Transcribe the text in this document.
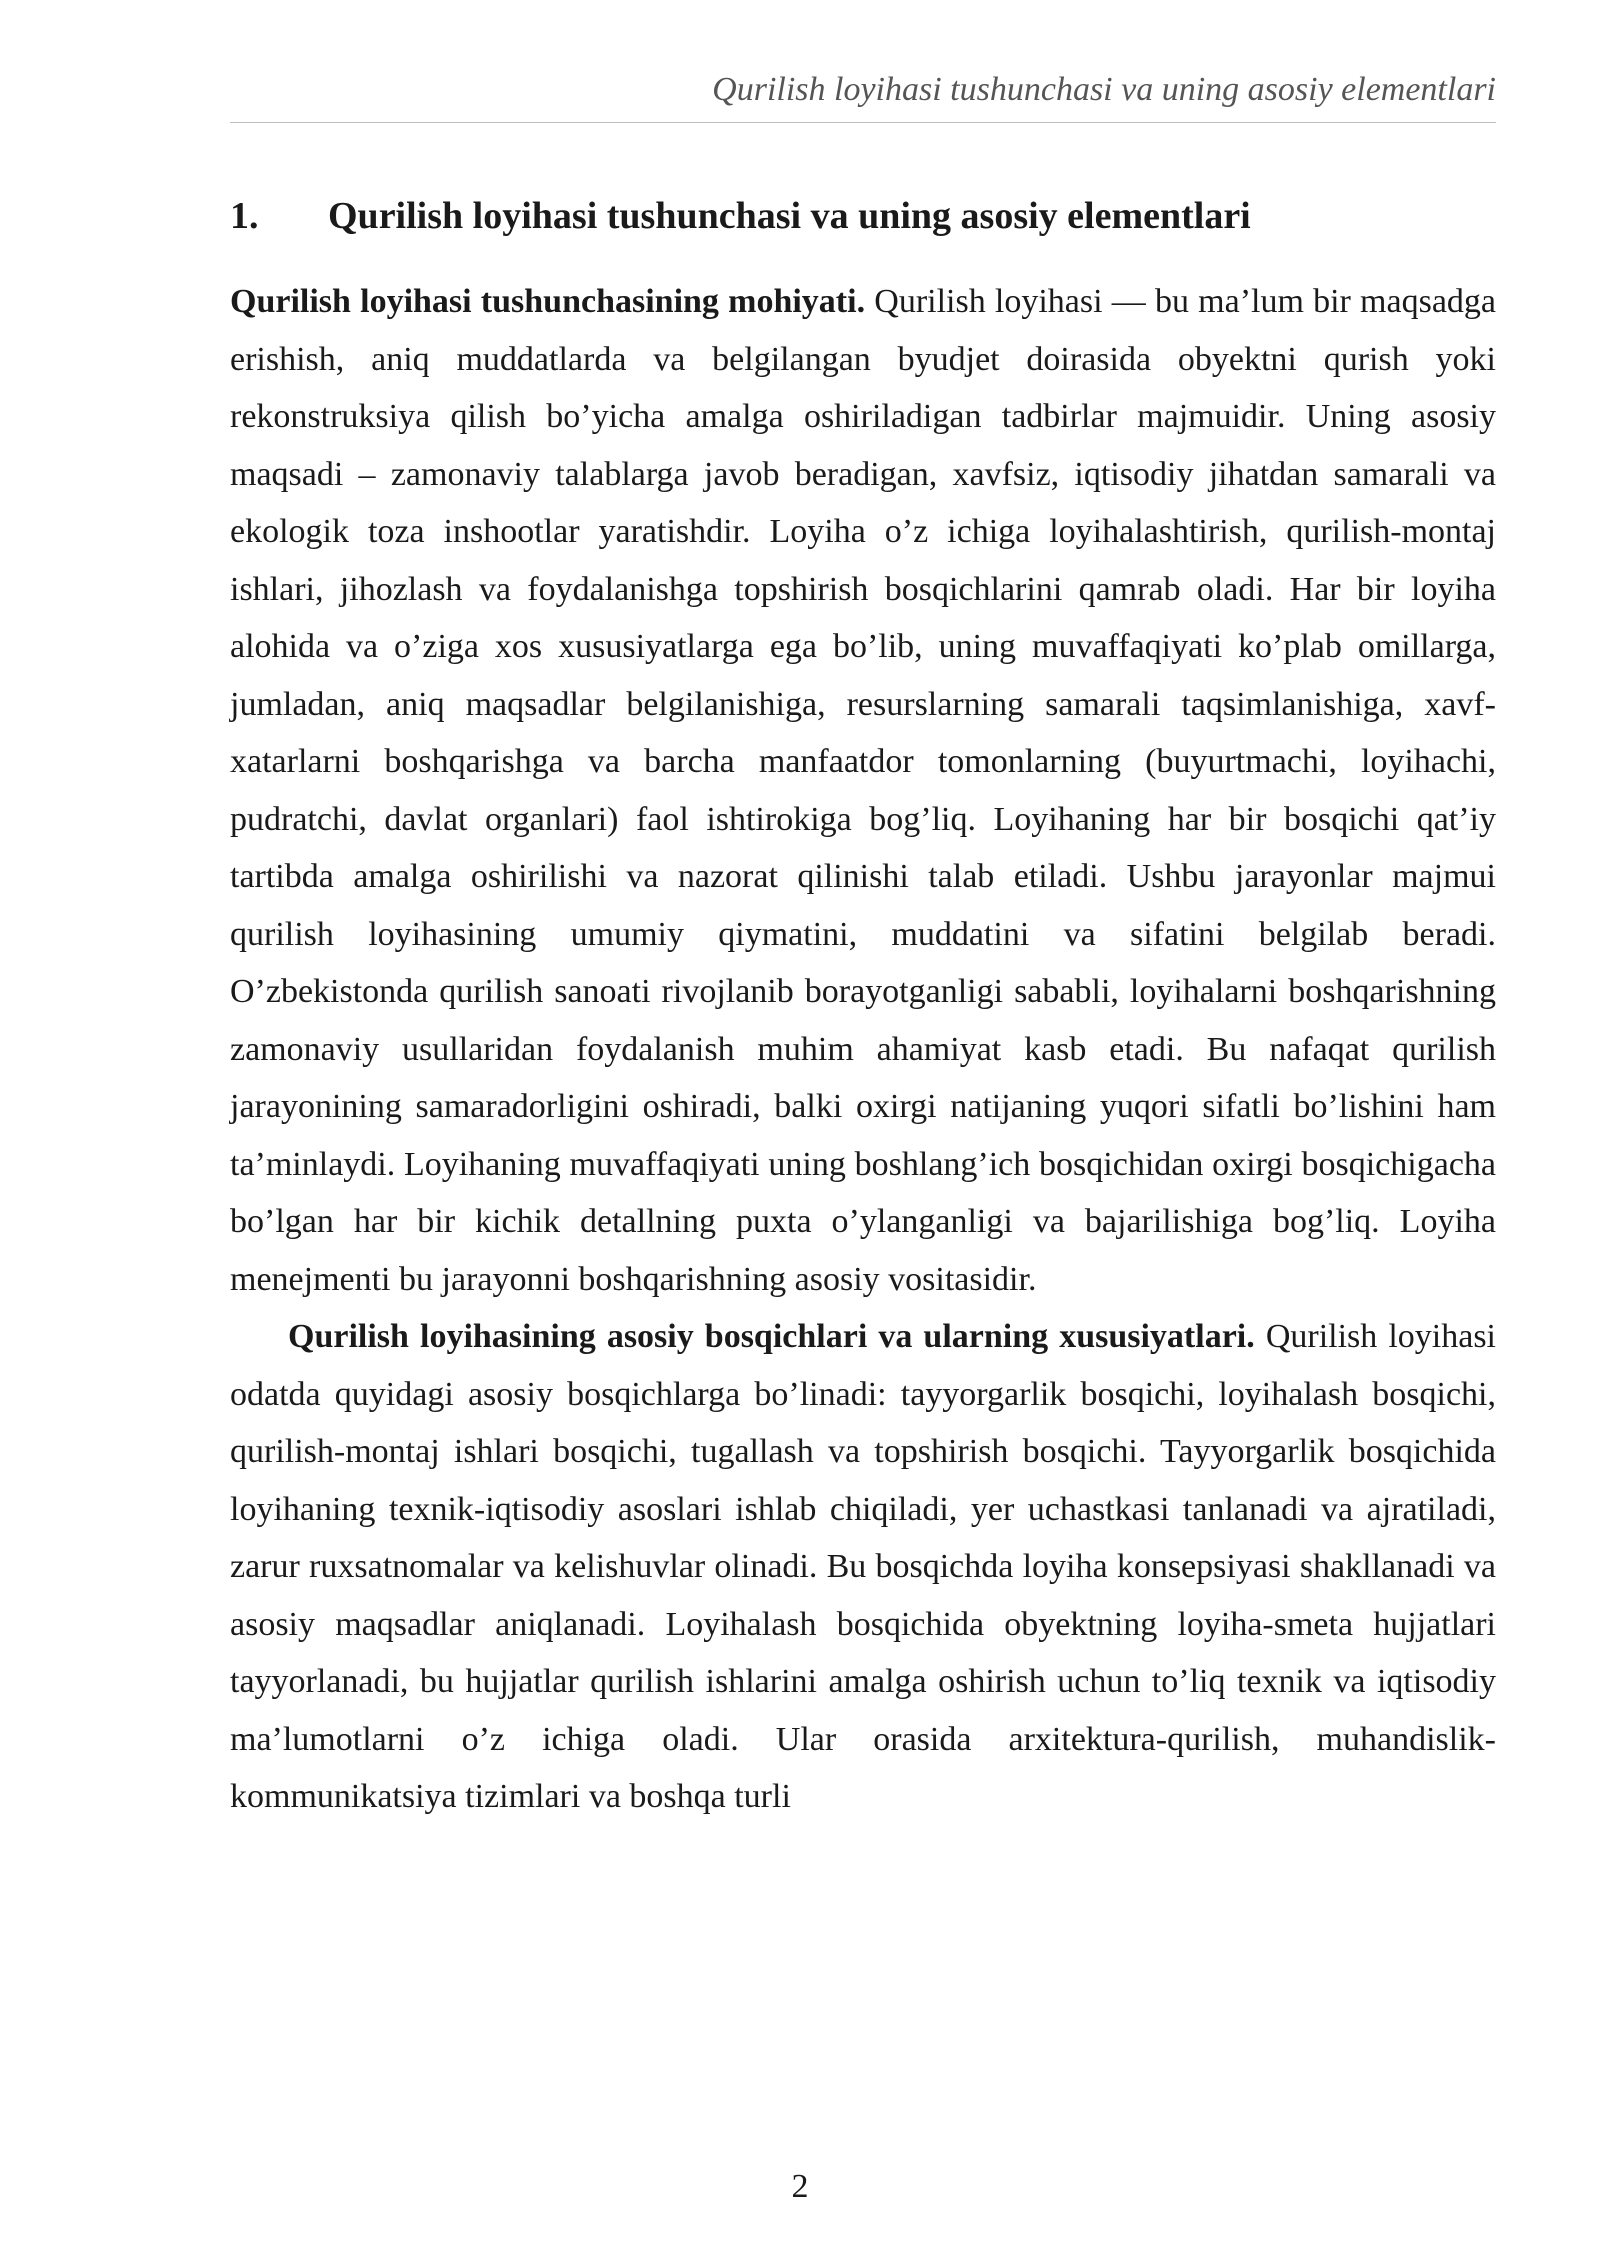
Qurilish loyihasi tushunchasi va uning asosiy elementlari
1.	Qurilish loyihasi tushunchasi va uning asosiy elementlari

Qurilish loyihasi tushunchasining mohiyati. Qurilish loyihasi — bu ma’lum bir maqsadga erishish, aniq muddatlarda va belgilangan byudjet doirasida obyektni qurish yoki rekonstruksiya qilish bo’yicha amalga oshiriladigan tadbirlar majmuidir. Uning asosiy maqsadi – zamonaviy talablarga javob beradigan, xavfsiz, iqtisodiy jihatdan samarali va ekologik toza inshootlar yaratishdir. Loyiha o’z ichiga loyihalashtirish, qurilish-montaj ishlari, jihozlash va foydalanishga topshirish bosqichlarini qamrab oladi. Har bir loyiha alohida va o’ziga xos xususiyatlarga ega bo’lib, uning muvaffaqiyati ko’plab omillarga, jumladan, aniq maqsadlar belgilanishiga, resurslarning samarali taqsimlanishiga, xavf-xatarlarni boshqarishga va barcha manfaatdor tomonlarning (buyurtmachi, loyihachi, pudratchi, davlat organlari) faol ishtirokiga bog’liq. Loyihaning har bir bosqichi qat’iy tartibda amalga oshirilishi va nazorat qilinishi talab etiladi. Ushbu jarayonlar majmui qurilish loyihasining umumiy qiymatini, muddatini va sifatini belgilab beradi. O’zbekistonda qurilish sanoati rivojlanib borayotganligi sababli, loyihalarni boshqarishning zamonaviy usullaridan foydalanish muhim ahamiyat kasb etadi. Bu nafaqat qurilish jarayonining samaradorligini oshiradi, balki oxirgi natijaning yuqori sifatli bo’lishini ham ta’minlaydi. Loyihaning muvaffaqiyati uning boshlang’ich bosqichidan oxirgi bosqichigacha bo’lgan har bir kichik detallning puxta o’ylanganligi va bajarilishiga bog’liq. Loyiha menejmenti bu jarayonni boshqarishning asosiy vositasidir.

Qurilish loyihasining asosiy bosqichlari va ularning xususiyatlari. Qurilish loyihasi odatda quyidagi asosiy bosqichlarga bo’linadi: tayyorgarlik bosqichi, loyihalash bosqichi, qurilish-montaj ishlari bosqichi, tugallash va topshirish bosqichi. Tayyorgarlik bosqichida loyihaning texnik-iqtisodiy asoslari ishlab chiqiladi, yer uchastkasi tanlanadi va ajratiladi, zarur ruxsatnomalar va kelishuvlar olinadi. Bu bosqichda loyiha konsepsiyasi shakllanadi va asosiy maqsadlar aniqlanadi. Loyihalash bosqichida obyektning loyiha-smeta hujjatlari tayyorlanadi, bu hujjatlar qurilish ishlarini amalga oshirish uchun to’liq texnik va iqtisodiy ma’lumotlarni o’z ichiga oladi. Ular orasida arxitektura-qurilish, muhandislik-kommunikatsiya tizimlari va boshqa turli

2
